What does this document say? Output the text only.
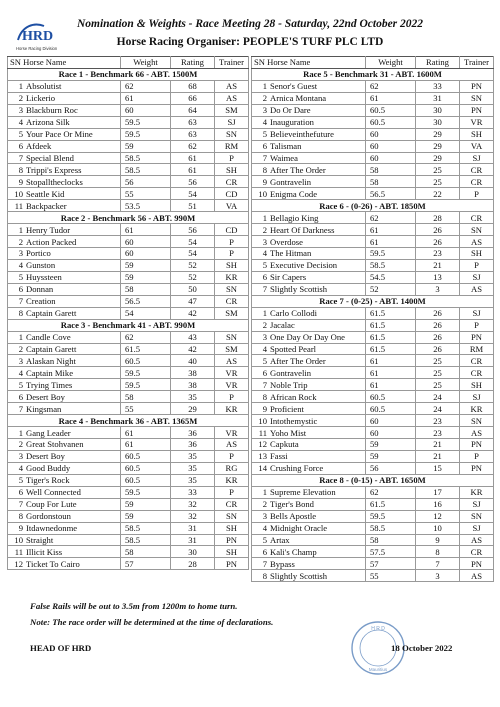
HRD
Horse Racing Division
Nomination & Weights - Race Meeting 28 - Saturday, 22nd October 2022
Horse Racing Organiser: PEOPLE'S TURF PLC LTD
SN Horse Name	Weight	Rating	Trainer
Race 1 - Benchmark 66 - ABT. 1500M			
1 Absolutist	62	68	AS
2 Lickerio	61	66	AS
3 Blackburn Roc	60	64	SM
4 Arizona Silk	59.5	63	SJ
5 Your Pace Or Mine	59.5	63	SN
6 Afdeek	59	62	RM
7 Special Blend	58.5	61	P
8 Trippi's Express	58.5	61	SH
9 Stopalltheclocks	56	56	CR
10 Seattle Kid	55	54	CD
11 Backpacker	53.5	51	VA
Race 2 - Benchmark 56 - ABT. 990M			
1 Henry Tudor	61	56	CD
2 Action Packed	60	54	P
3 Portico	60	54	P
4 Gunston	59	52	SH
5 Huyssteen	59	52	KR
6 Donnan	58	50	SN
7 Creation	56.5	47	CR
8 Captain Garett	54	42	SM
Race 3 - Benchmark 41 - ABT. 990M			
1 Candle Cove	62	43	SN
2 Captain Garett	61.5	42	SM
3 Alaskan Night	60.5	40	AS
4 Captain Mike	59.5	38	VR
5 Trying Times	59.5	38	VR
6 Desert Boy	58	35	P
7 Kingsman	55	29	KR
Race 4 - Benchmark 36 - ABT. 1365M			
1 Gang Leader	61	36	VR
2 Great Stohvanen	61	36	AS
3 Desert Boy	60.5	35	P
4 Good Buddy	60.5	35	RG
5 Tiger's Rock	60.5	35	KR
6 Well Connected	59.5	33	P
7 Coup For Lute	59	32	CR
8 Gordonstoun	59	32	SN
9 Itdawnedonme	58.5	31	SH
10 Straight	58.5	31	PN
11 Illicit Kiss	58	30	SH
12 Ticket To Cairo	57	28	PN
SN Horse Name	Weight	Rating	Trainer
Race 5 - Benchmark 31 - ABT. 1600M			
1 Senor's Guest	62	33	PN
2 Arnica Montana	61	31	SN
3 Do Or Dare	60.5	30	PN
4 Inauguration	60.5	30	VR
5 Believeinthefuture	60	29	SH
6 Talisman	60	29	VA
7 Waimea	60	29	SJ
8 After The Order	58	25	CR
9 Gontravelin	58	25	CR
10 Enigma Code	56.5	22	P
Race 6 - (0-26) - ABT. 1850M			
1 Bellagio King	62	28	CR
2 Heart Of Darkness	61	26	SN
3 Overdose	61	26	AS
4 The Hitman	59.5	23	SH
5 Executive Decision	58.5	21	P
6 Sir Capers	54.5	13	SJ
7 Slightly Scottish	52	3	AS
Race 7 - (0-25) - ABT. 1400M			
1 Carlo Collodi	61.5	26	SJ
2 Jacalac	61.5	26	P
3 One Day Or Day One	61.5	26	PN
4 Spotted Pearl	61.5	26	RM
5 After The Order	61	25	CR
6 Gontravelin	61	25	CR
7 Noble Trip	61	25	SH
8 African Rock	60.5	24	SJ
9 Proficient	60.5	24	KR
10 Intothemystic	60	23	SN
11 Yoho Mist	60	23	AS
12 Capkuta	59	21	PN
13 Fassi	59	21	P
14 Crushing Force	56	15	PN
Race 8 - (0-15) - ABT. 1650M			
1 Supreme Elevation	62	17	KR
2 Tiger's Bond	61.5	16	SJ
3 Bells Apostle	59.5	12	SN
4 Midnight Oracle	58.5	10	SJ
5 Artax	58	9	AS
6 Kali's Champ	57.5	8	CR
7 Bypass	57	7	PN
8 Slightly Scottish	55	3	AS
False Rails will be out to 3.5m from 1200m to home turn.
Note: The race order will be determined at the time of declarations.
H R D
Mauritius
HEAD OF HRD	18 October 2022
